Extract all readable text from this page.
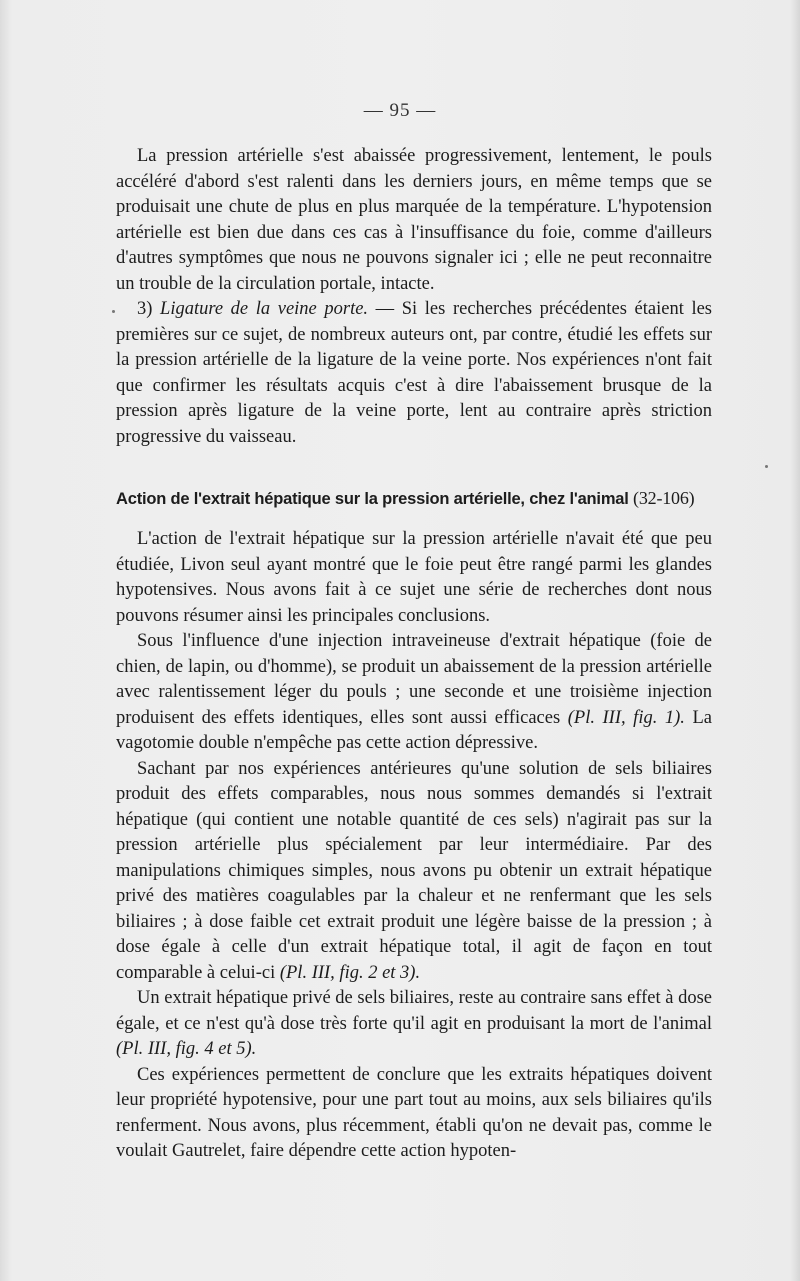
— 95 —

La pression artérielle s'est abaissée progressivement, lentement, le pouls accéléré d'abord s'est ralenti dans les derniers jours, en même temps que se produisait une chute de plus en plus marquée de la température. L'hypotension artérielle est bien due dans ces cas à l'insuffisance du foie, comme d'ailleurs d'autres symptômes que nous ne pouvons signaler ici ; elle ne peut reconnaitre un trouble de la circulation portale, intacte.

3) Ligature de la veine porte. — Si les recherches précédentes étaient les premières sur ce sujet, de nombreux auteurs ont, par contre, étudié les effets sur la pression artérielle de la ligature de la veine porte. Nos expériences n'ont fait que confirmer les résultats acquis c'est à dire l'abaissement brusque de la pression après ligature de la veine porte, lent au contraire après striction progressive du vaisseau.

Action de l'extrait hépatique sur la pression artérielle, chez l'animal (32-106)

L'action de l'extrait hépatique sur la pression artérielle n'avait été que peu étudiée, Livon seul ayant montré que le foie peut être rangé parmi les glandes hypotensives. Nous avons fait à ce sujet une série de recherches dont nous pouvons résumer ainsi les principales conclusions.

Sous l'influence d'une injection intraveineuse d'extrait hépatique (foie de chien, de lapin, ou d'homme), se produit un abaissement de la pression artérielle avec ralentissement léger du pouls ; une seconde et une troisième injection produisent des effets identiques, elles sont aussi efficaces (Pl. III, fig. 1). La vagotomie double n'empêche pas cette action dépressive.

Sachant par nos expériences antérieures qu'une solution de sels biliaires produit des effets comparables, nous nous sommes demandés si l'extrait hépatique (qui contient une notable quantité de ces sels) n'agirait pas sur la pression artérielle plus spécialement par leur intermédiaire. Par des manipulations chimiques simples, nous avons pu obtenir un extrait hépatique privé des matières coagulables par la chaleur et ne renfermant que les sels biliaires ; à dose faible cet extrait produit une légère baisse de la pression ; à dose égale à celle d'un extrait hépatique total, il agit de façon en tout comparable à celui-ci (Pl. III, fig. 2 et 3).

Un extrait hépatique privé de sels biliaires, reste au contraire sans effet à dose égale, et ce n'est qu'à dose très forte qu'il agit en produisant la mort de l'animal (Pl. III, fig. 4 et 5).

Ces expériences permettent de conclure que les extraits hépatiques doivent leur propriété hypotensive, pour une part tout au moins, aux sels biliaires qu'ils renferment. Nous avons, plus récemment, établi qu'on ne devait pas, comme le voulait Gautrelet, faire dépendre cette action hypoten-
